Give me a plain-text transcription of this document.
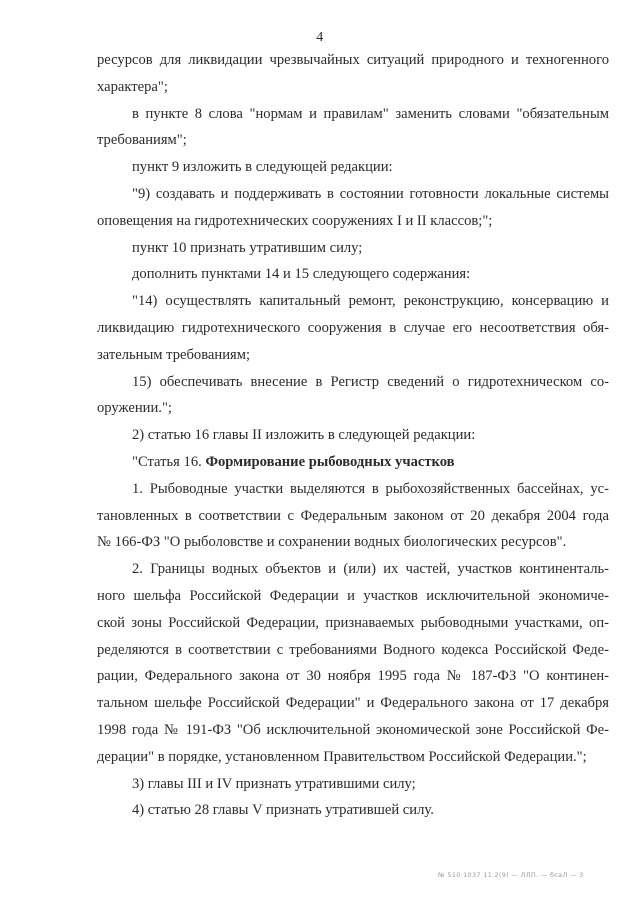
4
ресурсов для ликвидации чрезвычайных ситуаций природного и техногенного
характера";
в пункте 8 слова "нормам и правилам" заменить словами "обязательным
требованиям";
пункт 9 изложить в следующей редакции:
"9) создавать и поддерживать в состоянии готовности локальные системы
оповещения на гидротехнических сооружениях I и II классов;";
пункт 10 признать утратившим силу;
дополнить пунктами 14 и 15 следующего содержания:
"14) осуществлять капитальный ремонт, реконструкцию, консервацию и
ликвидацию гидротехнического сооружения в случае его несоответствия обя-
зательным требованиям;
15) обеспечивать внесение в Регистр сведений о гидротехническом со-
оружении.";
2) статью 16 главы II изложить в следующей редакции:
"Статья 16. Формирование рыбоводных участков
1. Рыбоводные участки выделяются в рыбохозяйственных бассейнах, ус-
тановленных в соответствии с Федеральным законом от 20 декабря 2004 года
№ 166-ФЗ "О рыболовстве и сохранении водных биологических ресурсов".
2. Границы водных объектов и (или) их частей, участков континенталь-
ного шельфа Российской Федерации и участков исключительной экономиче-
ской зоны Российской Федерации, признаваемых рыбоводными участками, оп-
ределяются в соответствии с требованиями Водного кодекса Российской Феде-
рации, Федерального закона от 30 ноября 1995 года № 187-ФЗ "О континен-
тальном шельфе Российской Федерации" и Федерального закона от 17 декабря
1998 года № 191-ФЗ "Об исключительной экономической зоне Российской Фе-
дерации" в порядке, установленном Правительством Российской Федерации.";
3) главы III и IV признать утратившими силу;
4) статью 28 главы V признать утратившей силу.
№ 510 1037 11 2(9) — ЛЛП. — бсаЛ — 3
